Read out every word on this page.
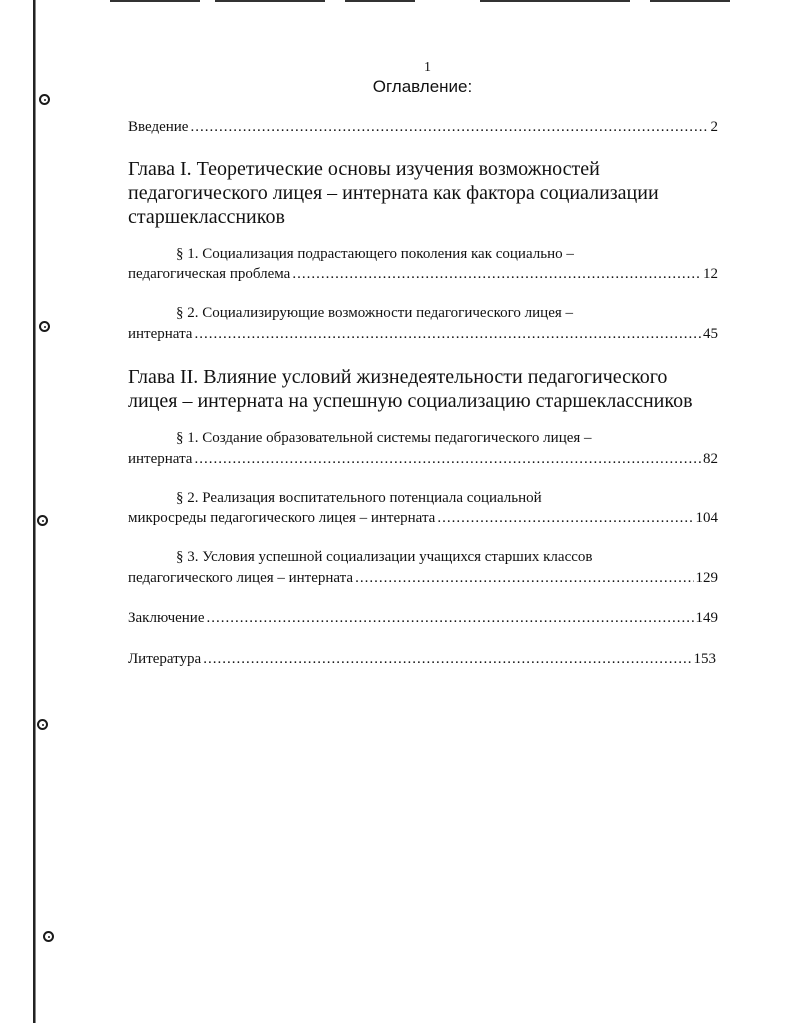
1
Оглавление:
Введение .....	2
Глава I. Теоретические основы изучения возможностей
педагогического лицея – интерната как фактора социализации
старшеклассников
§ 1. Социализация подрастающего поколения как социально –
педагогическая проблема .....	12
§ 2. Социализирующие возможности педагогического лицея –
интерната .....	45
Глава II. Влияние условий жизнедеятельности педагогического
лицея – интерната на успешную социализацию старшеклассников
§ 1. Создание образовательной системы педагогического лицея –
интерната .....	82
§ 2. Реализация воспитательного потенциала социальной
микросреды педагогического лицея – интерната .....	104
§ 3. Условия успешной социализации учащихся старших классов
педагогического лицея – интерната .....	129
Заключение .....	149
Литература .....	153
